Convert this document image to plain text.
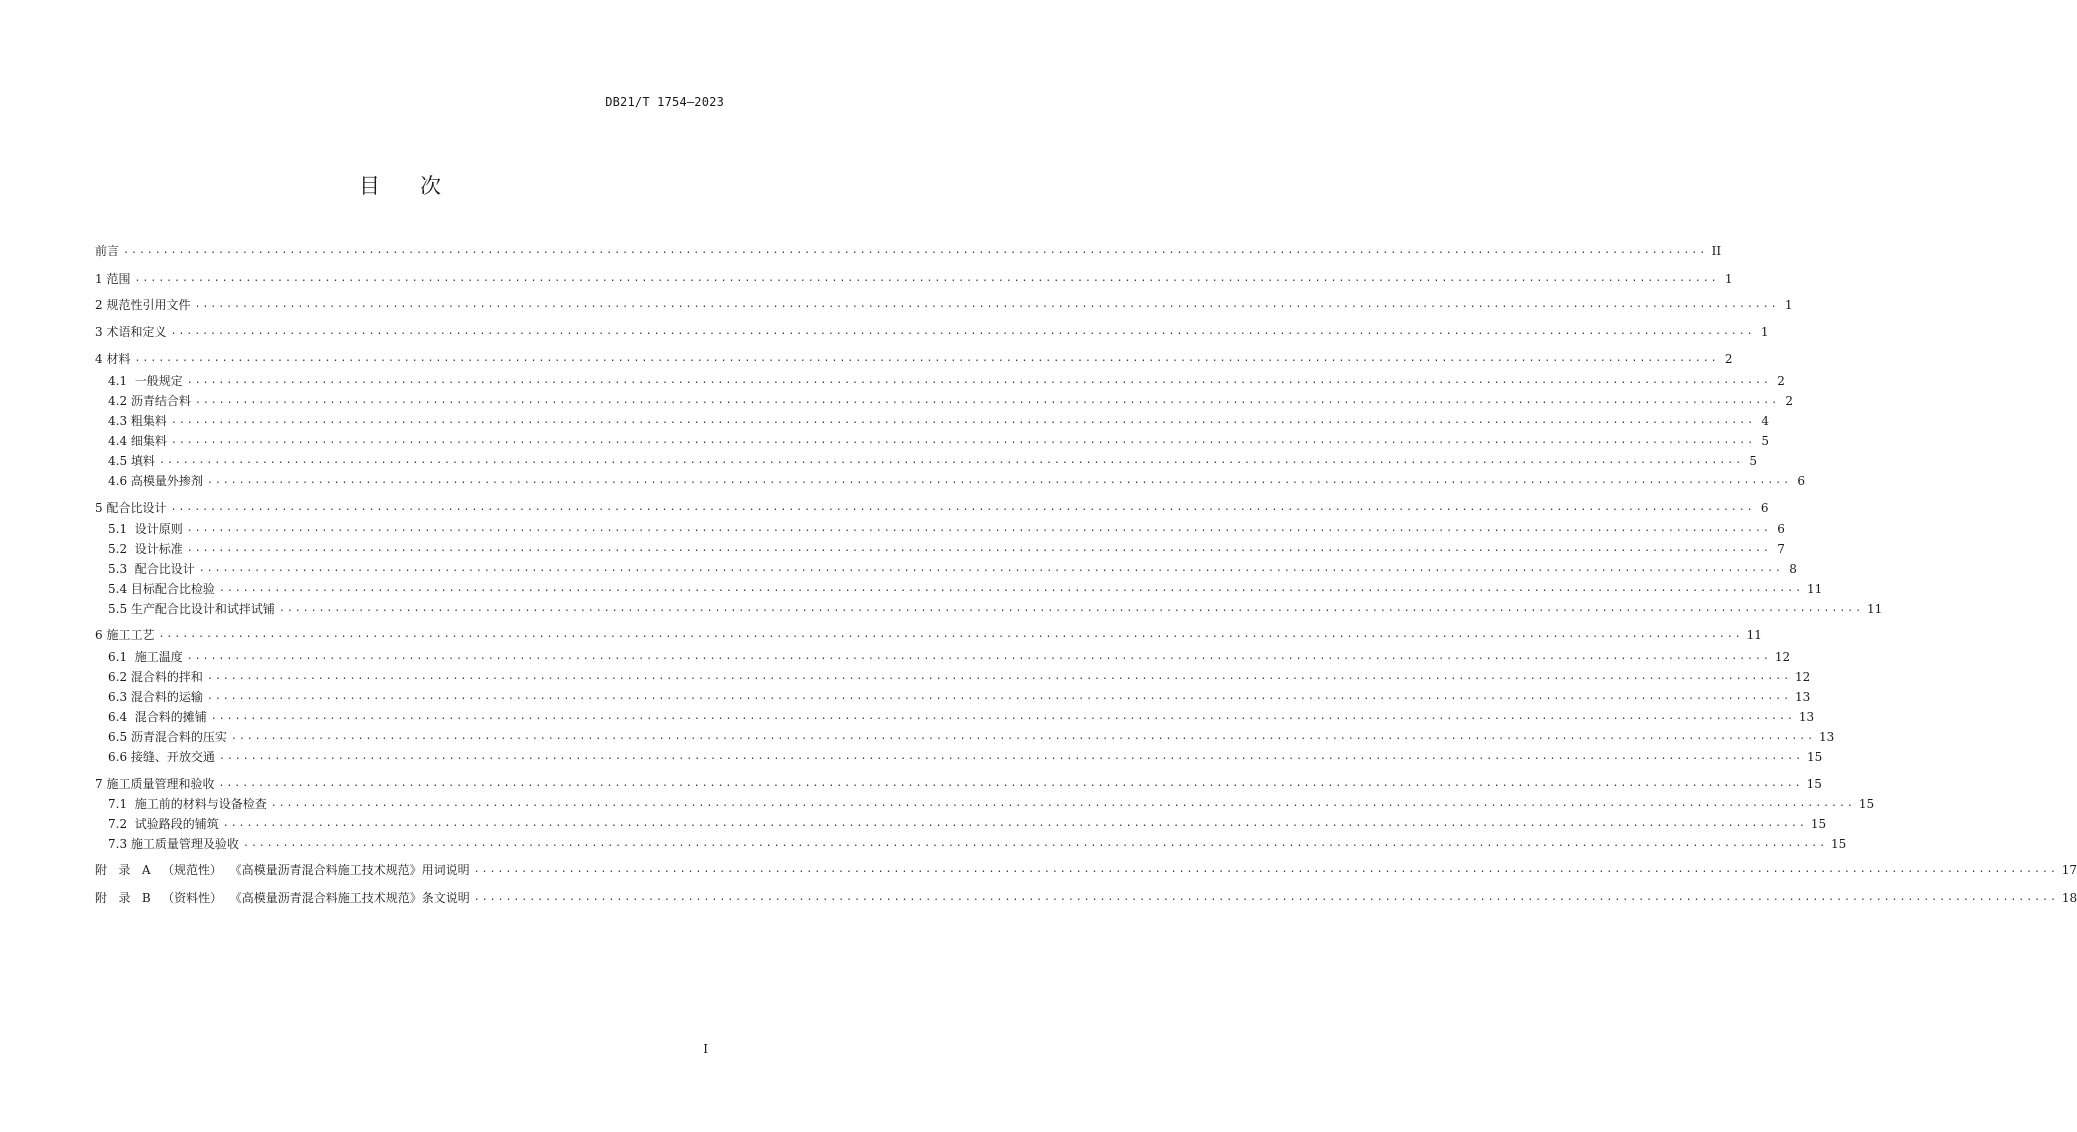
DB21/T 1754—2023
目 次
前言 ........................................................................................................................................................................................................ II
1 范围 ........................................................................................................................................................................................................ 1
2 规范性引用文件 ........................................................................................................................................................................................................ 1
3 术语和定义 ........................................................................................................................................................................................................ 1
4 材料 ........................................................................................................................................................................................................ 2
4.1  一般规定 ........................................................................................................................................................................................................ 2
4.2 沥青结合料 ........................................................................................................................................................................................................ 2
4.3 粗集料 ........................................................................................................................................................................................................ 4
4.4 细集料 ........................................................................................................................................................................................................ 5
4.5 填料 ........................................................................................................................................................................................................ 5
4.6 高模量外掺剂 ........................................................................................................................................................................................................ 6
5 配合比设计 ........................................................................................................................................................................................................ 6
5.1  设计原则 ........................................................................................................................................................................................................ 6
5.2  设计标准 ........................................................................................................................................................................................................ 7
5.3  配合比设计 ........................................................................................................................................................................................................ 8
5.4 目标配合比检验 ........................................................................................................................................................................................................ 11
5.5 生产配合比设计和试拌试铺 ........................................................................................................................................................................................................ 11
6 施工工艺 ........................................................................................................................................................................................................ 11
6.1  施工温度 ........................................................................................................................................................................................................ 12
6.2 混合料的拌和 ........................................................................................................................................................................................................ 12
6.3 混合料的运输 ........................................................................................................................................................................................................ 13
6.4  混合料的摊铺 ........................................................................................................................................................................................................ 13
6.5 沥青混合料的压实 ........................................................................................................................................................................................................ 13
6.6 接缝、开放交通 ........................................................................................................................................................................................................ 15
7 施工质量管理和验收 ........................................................................................................................................................................................................ 15
7.1  施工前的材料与设备检查 ........................................................................................................................................................................................................ 15
7.2  试验路段的铺筑 ........................................................................................................................................................................................................ 15
7.3 施工质量管理及验收 ........................................................................................................................................................................................................ 15
附   录   A   （规范性）  《高模量沥青混合料施工技术规范》用词说明 ........................................................................................................................................................................................................ 17
附   录   B   （资料性）  《高模量沥青混合料施工技术规范》条文说明 ........................................................................................................................................................................................................ 18
I
